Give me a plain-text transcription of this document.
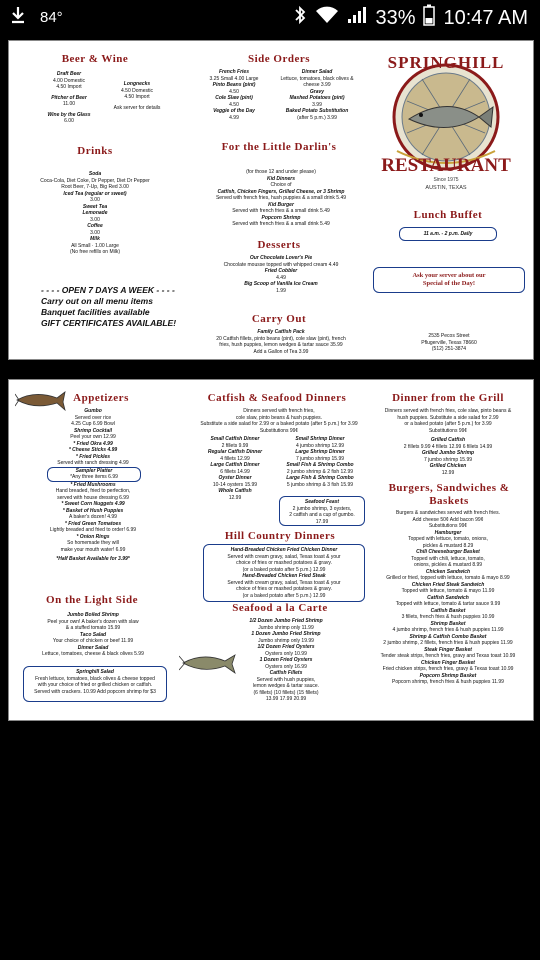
84°	33% 10:47 AM
Beer & Wine
Draft Beer
4.00 Domestic
4.50 Import
Pitcher of Beer
11.00
Wine by the Glass
6.00
Longnecks
4.50 Domestic
4.50 Import
Ask server for details
Drinks
Soda
Coca-Cola, Diet Coke, Dr Pepper, Diet Dr Pepper
Root Beer, 7-Up, Big Red 3.00
Iced Tea (regular or sweet)
3.00
Sweet Tea
Lemonade
3.00
Coffee
3.00
Milk
All Small · 1.00 Large
(No free refills on Milk)
- - - - OPEN 7 DAYS A WEEK - - - -
Carry out on all menu items
Banquet facilities available
GIFT CERTIFICATES AVAILABLE!
Side Orders
French Fries
3.25 Small 4.00 Large
Pinto Beans (pint)
4.50
Cole Slaw (pint)
4.50
Veggie of the Day
4.99
Dinner Salad
Lettuce, tomatoes, black olives & cheese 3.99
Gravy
Mashed Potatoes (pint)
3.99
Baked Potato Substitution
(after 5 p.m.) 3.99
For the Little Darlin's
(for those 12 and under please)
Kid Dinners
Choice of
Catfish, Chicken Fingers, Grilled Cheese, or 3 Shrimp
Served with french fries, hush puppies & a small drink 5.49
Kid Burger
Served with french fries & a small drink 5.49
Popcorn Shrimp
Served with french fries & a small drink 5.49
Desserts
Our Chocolate Lover's Pie
Chocolate mousse topped with whipped cream 4.49
Fried Cobbler
4.49
Big Scoop of Vanilla Ice Cream
1.99
Carry Out
Family Catfish Pack
20 Catfish fillets, pinto beans (pint), cole slaw (pint), french
fries, hush puppies, lemon wedges & tartar sauce 35.99
Add a Gallon of Tea 3.99
SPRINGHILL
RESTAURANT
Since 1975
AUSTIN, TEXAS
Lunch Buffet
11 a.m. - 2 p.m. Daily
Ask your server about our
Special of the Day!
2535 Pecos Street
Pflugerville, Texas 78660
(512) 251-3874
Appetizers
Gumbo
Served over rice
4.25 Cup 6.99 Bowl
Shrimp Cocktail
Peel your own 12.99
* Fried Okra 4.99
* Cheese Sticks 4.99
* Fried Pickles
Served with ranch dressing 4.99
Sampler Platter
*Any three items 6.99
* Fried Mushrooms
Hand breaded, fried to perfection,
served with house dressing 6.99
* Sweet Corn Nuggets 4.99
* Basket of Hush Puppies
A baker's dozen! 4.99
* Fried Green Tomatoes
Lightly breaded and fried to order! 6.99
* Onion Rings
So homemade they will
make your mouth water! 6.99
*Half Basket Available for 3.99*
On the Light Side
Jumbo Boiled Shrimp
Peel your own! A baker's dozen with slaw
& a stuffed tomato 15.99
Taco Salad
Your choice of chicken or beef 11.99
Dinner Salad
Lettuce, tomatoes, cheese & black olives 5.99
Springhill Salad
Fresh lettuce, tomatoes, black olives & cheese topped
with your choice of fried or grilled chicken or catfish.
Served with crackers. 10.99 Add popcorn shrimp for $3
Catfish & Seafood Dinners
Dinners served with french fries,
cole slaw, pinto beans & hush puppies.
Substitute a side salad for 2.99 or a baked potato (after 5 p.m.) for 3.99
Substitutions 99¢
Small Catfish Dinner
2 fillets 9.99
Regular Catfish Dinner
4 fillets 12.99
Large Catfish Dinner
6 fillets 14.99
Oyster Dinner
10-14 oysters 15.99
Whole Catfish
12.99
Small Shrimp Dinner
4 jumbo shrimp 12.99
Large Shrimp Dinner
7 jumbo shrimp 15.99
Small Fish & Shrimp Combo
2 jumbo shrimp & 2 fish 12.99
Large Fish & Shrimp Combo
5 jumbo shrimp & 3 fish 15.99
Seafood Feast
2 jumbo shrimp, 3 oysters,
2 catfish and a cup of gumbo.
17.99
Hill Country Dinners
Hand-Breaded Chicken Fried Chicken Dinner
Served with cream gravy, salad, Texas toast & your
choice of fries or mashed potatoes & gravy.
(or a baked potato after 5 p.m.) 12.99
Hand-Breaded Chicken Fried Steak
Served with cream gravy, salad, Texas toast & your
choice of fries or mashed potatoes & gravy.
(or a baked potato after 5 p.m.) 12.99
Seafood a la Carte
1/2 Dozen Jumbo Fried Shrimp
Jumbo shrimp only 11.99
1 Dozen Jumbo Fried Shrimp
Jumbo shrimp only 19.99
1/2 Dozen Fried Oysters
Oysters only 10.99
1 Dozen Fried Oysters
Oysters only 16.99
Catfish Fillets
Served with hush puppies,
lemon wedges & tartar sauce.
(6 fillets) (10 fillets) (15 fillets)
13.99 17.99 20.99
Dinner from the Grill
Dinners served with french fries, cole slaw, pinto beans &
hush puppies. Substitute a side salad for 2.99
or a baked potato (after 5 p.m.) for 3.99
Substitutions 99¢
Grilled Catfish
2 fillets 9.99 4 fillets 12.99 6 fillets 14.99
Grilled Jumbo Shrimp
7 jumbo shrimp 15.99
Grilled Chicken
12.99
Burgers, Sandwiches & Baskets
Burgers & sandwiches served with french fries.
Add cheese 50¢ Add bacon 99¢
Substitutions 99¢
Hamburger
Topped with lettuce, tomato, onions,
pickles & mustard 8.29
Chili Cheeseburger Basket
Topped with chili, lettuce, tomato,
onions, pickles & mustard 8.99
Chicken Sandwich
Grilled or fried, topped with lettuce, tomato & mayo 8.99
Chicken Fried Steak Sandwich
Topped with lettuce, tomato & mayo 11.99
Catfish Sandwich
Topped with lettuce, tomato & tartar sauce 9.99
Catfish Basket
3 fillets, french fries & hush puppies 10.99
Shrimp Basket
4 jumbo shrimp, french fries & hush puppies 11.99
Shrimp & Catfish Combo Basket
2 jumbo shrimp, 2 fillets, french fries & hush puppies 11.99
Steak Finger Basket
Tender steak strips, french fries, gravy and Texas toast 10.99
Chicken Finger Basket
Fried chicken strips, french fries, gravy & Texas toast 10.99
Popcorn Shrimp Basket
Popcorn shrimp, french fries & hush puppies 11.99
